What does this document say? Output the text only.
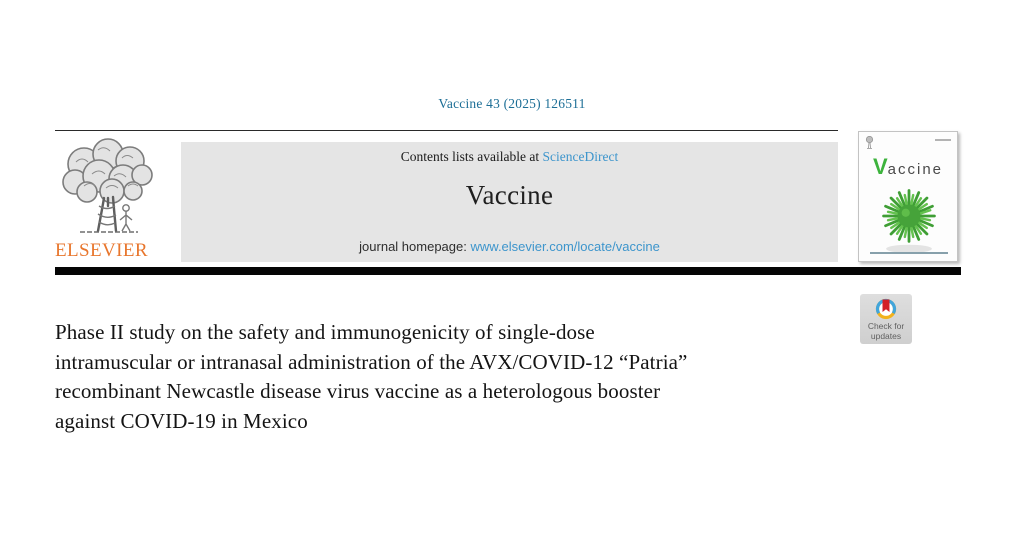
Vaccine 43 (2025) 126511
ELSEVIER
Contents lists available at ScienceDirect
Vaccine
journal homepage: www.elsevier.com/locate/vaccine
Vaccine
Phase II study on the safety and immunogenicity of single-dose
intramuscular or intranasal administration of the AVX/COVID-12 “Patria”
recombinant Newcastle disease virus vaccine as a heterologous booster
against COVID-19 in Mexico
Check for
updates
